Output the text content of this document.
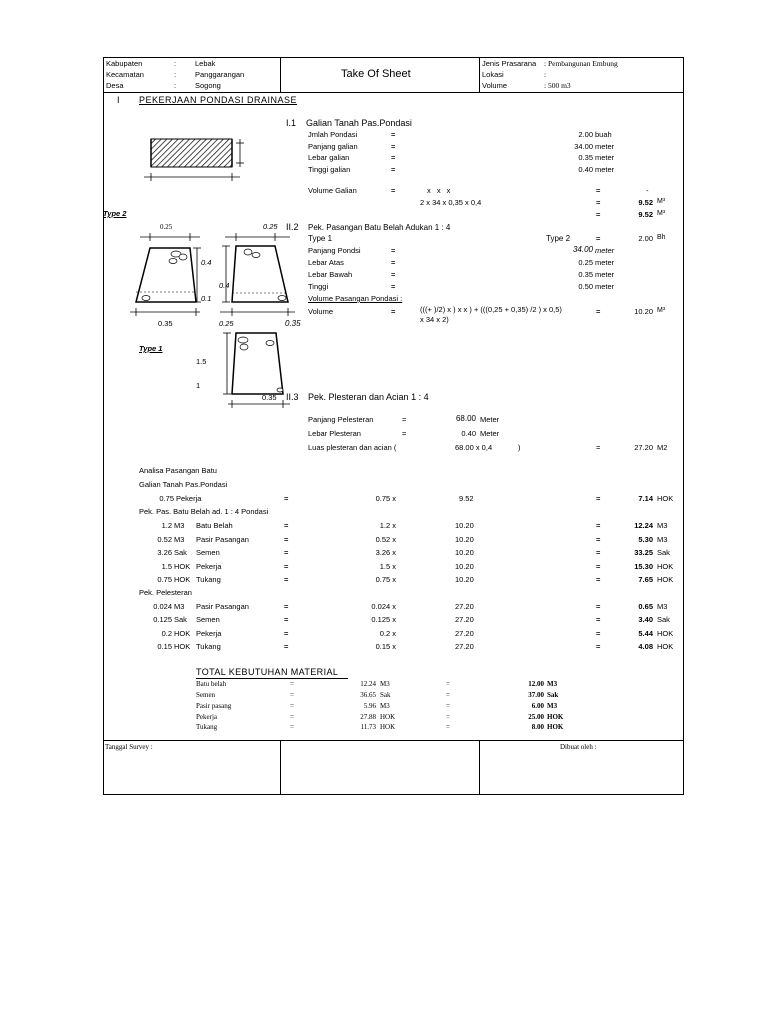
Kabupaten	:	Lebak
Kecamatan	:	Panggarangan
Desa	:	Sogong
Take Of Sheet
Jenis Prasarana : Pembangunan Embung
Lokasi	:
Volume	: 500 m3
I PEKERJAAN PONDASI DRAINASE
I.1 Galian Tanah Pas.Pondasi
Jmlah Pondasi	=	2.00 buah
Panjang galian	=	34.00 meter
Lebar galian	=	0.35 meter
Tinggi galian	=	0.40 meter
Volume Galian	=	x x x	=	-
2 x 34 x 0,35 x 0,4	=	9.52 M³
=	9.52 M³
Type 2
0.25	0.25
0.4
0.4
0.1
0.35	0.25	0.35
Type 1
1.5
1
0.35
II.2 Pek. Pasangan Batu Belah Adukan 1 : 4
Type 1	Type 2	=	2.00 Bh
Panjang Pondsi	=	34.00 meter
Lebar Atas	=	0.25 meter
Lebar Bawah	=	0.35 meter
Tinggi	=	0.50 meter
Volume Pasangan Pondasi :
Volume	=	(((+ )/2) x ) x x ) + (((0,25 + 0,35) /2 ) x 0,5)
x 34 x 2)
=	10.20 M³
II.3 Pek. Plesteran dan Acian 1 : 4
Panjang Pelesteran	=	68.00 Meter
Lebar Plesteran	=	0.40 Meter
Luas plesteran dan acian (	68.00 x 0,4	)	=	27.20 M2
Analisa Pasangan Batu
Galian Tanah Pas.Pondasi
0.75 Pekerja	=	0.75 x	9.52	=	7.14 HOK
Pek. Pas. Batu Belah ad. 1 : 4 Pondasi
1.2 M3 Batu Belah	=	1.2 x	10.20	=	12.24 M3
0.52 M3 Pasir Pasangan	=	0.52 x	10.20	=	5.30 M3
3.26 Sak Semen	=	3.26 x	10.20	=	33.25 Sak
1.5 HOK Pekerja	=	1.5 x	10.20	=	15.30 HOK
0.75 HOK Tukang	=	0.75 x	10.20	=	7.65 HOK
Pek. Pelesteran
0.024 M3 Pasir Pasangan	=	0.024 x	27.20	=	0.65 M3
0.125 Sak Semen	=	0.125 x	27.20	=	3.40 Sak
0.2 HOK Pekerja	=	0.2 x	27.20	=	5.44 HOK
0.15 HOK Tukang	=	0.15 x	27.20	=	4.08 HOK
TOTAL KEBUTUHAN MATERIAL
Batu belah	=	12.24 M3	=	12.00 M3
Semen	=	36.65 Sak	=	37.00 Sak
Pasir pasang	=	5.96 M3	=	6.00 M3
Pekerja	=	27.88 HOK	=	25.00 HOK
Tukang	=	11.73 HOK	=	8.00 HOK
Tanggal Survey :	Dibuat oleh :
